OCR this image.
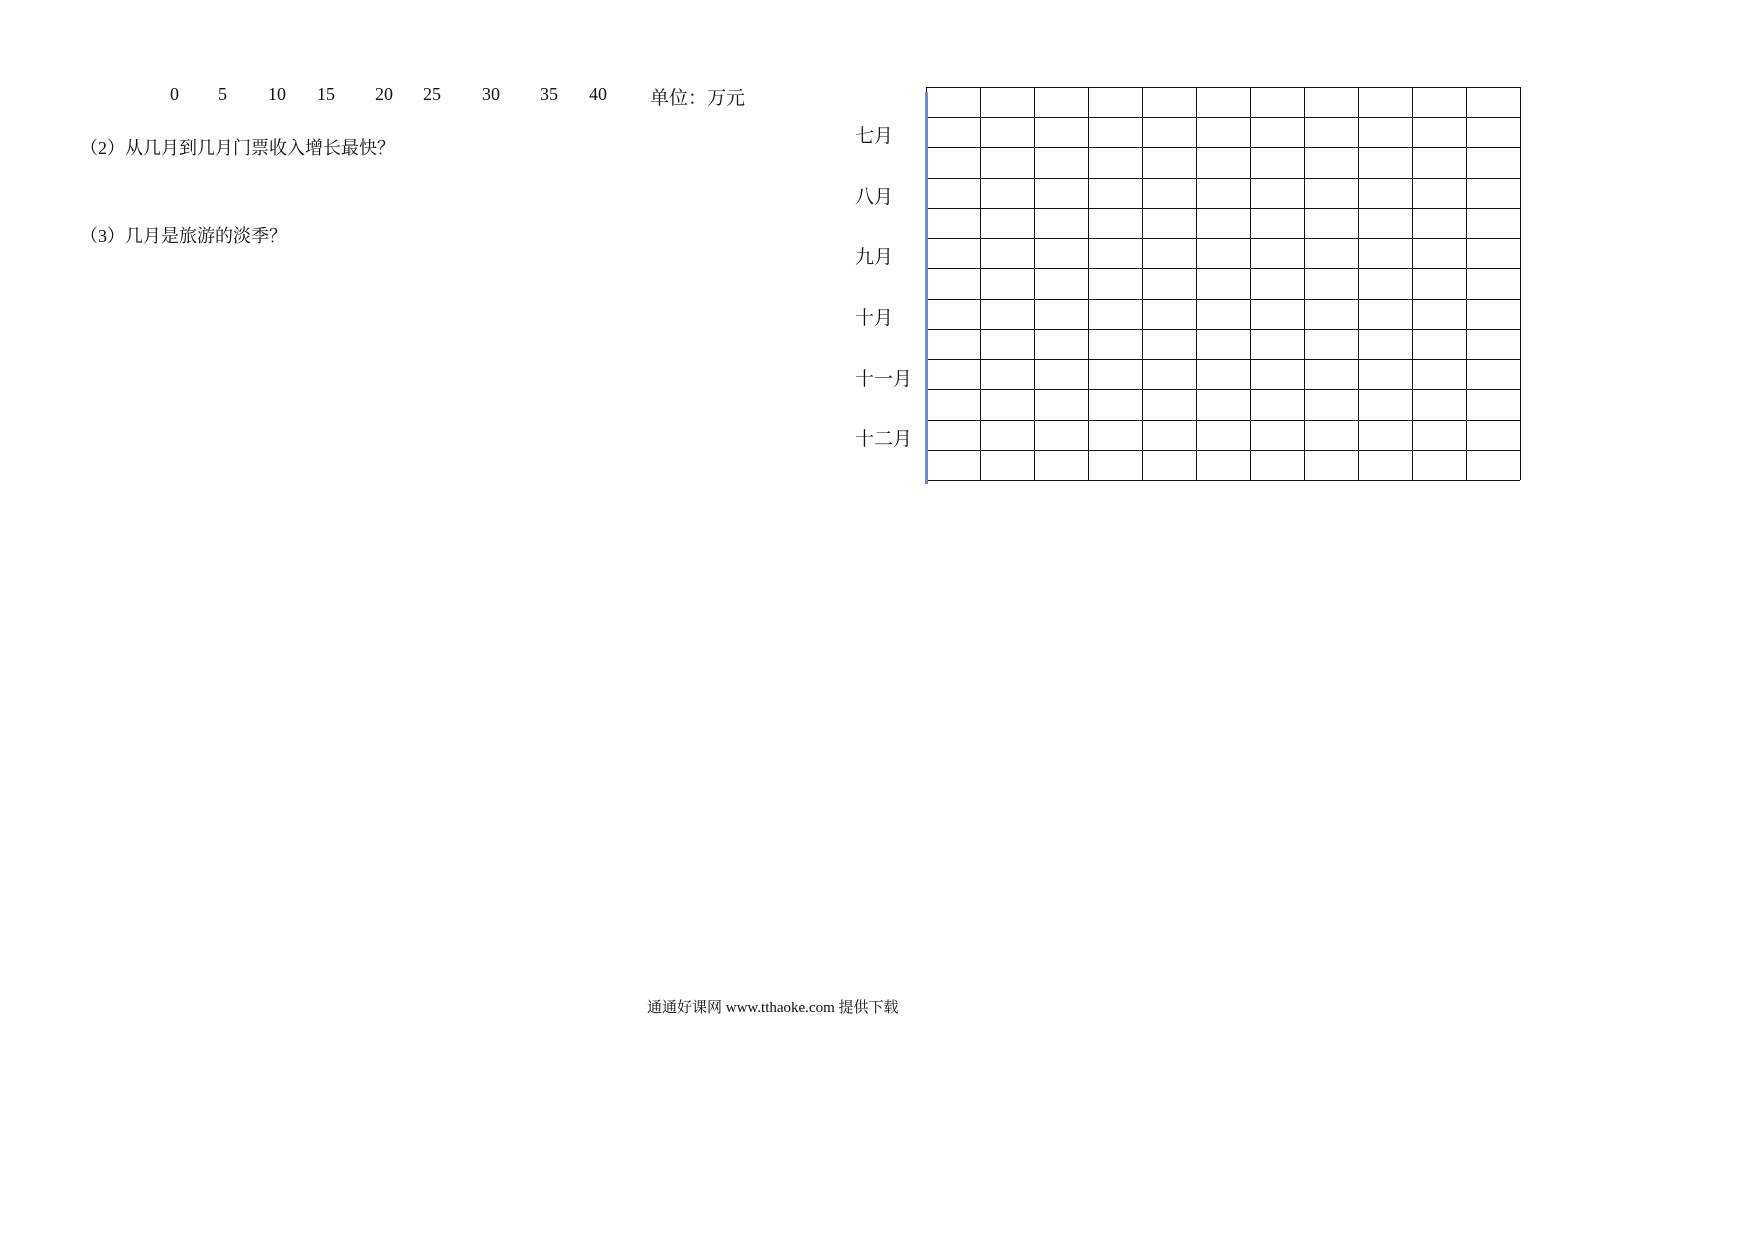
0 5 10 15 20 25 30 35 40 单位：万元
（2）从几月到几月门票收入增长最快？
（3）几月是旅游的淡季？
七月
八月
九月
十月
十一月
十二月
通通好课网 www.tthaoke.com 提供下载
